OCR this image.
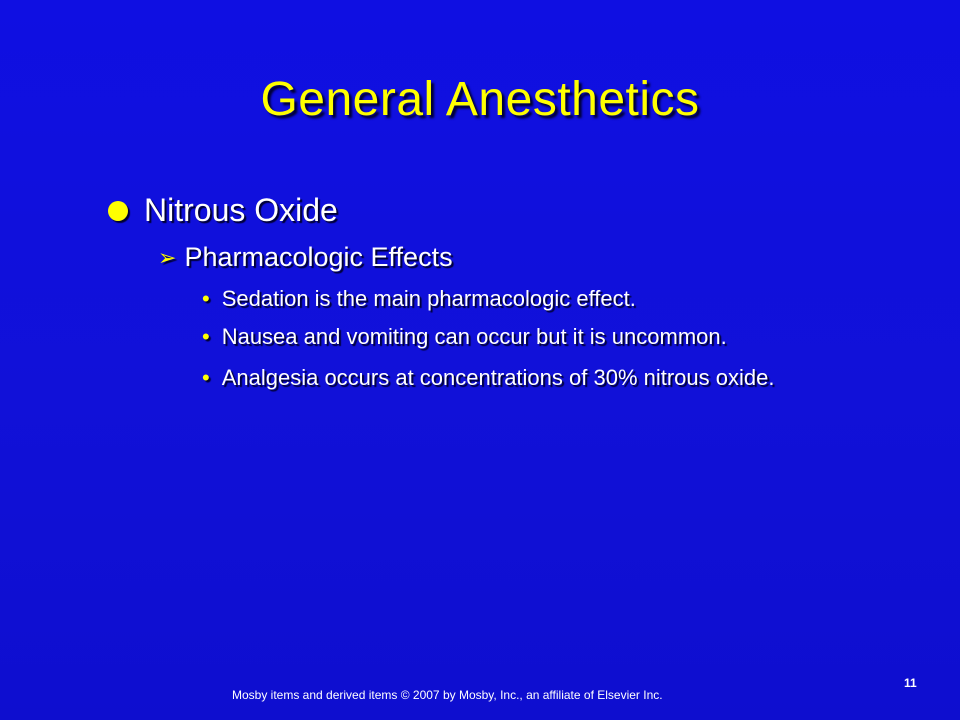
General Anesthetics
Nitrous Oxide
➢ Pharmacologic Effects
• Sedation is the main pharmacologic effect.
• Nausea and vomiting can occur but it is uncommon.
• Analgesia occurs at concentrations of 30% nitrous oxide.
Mosby items and derived items © 2007 by Mosby, Inc., an affiliate of Elsevier Inc.
11
